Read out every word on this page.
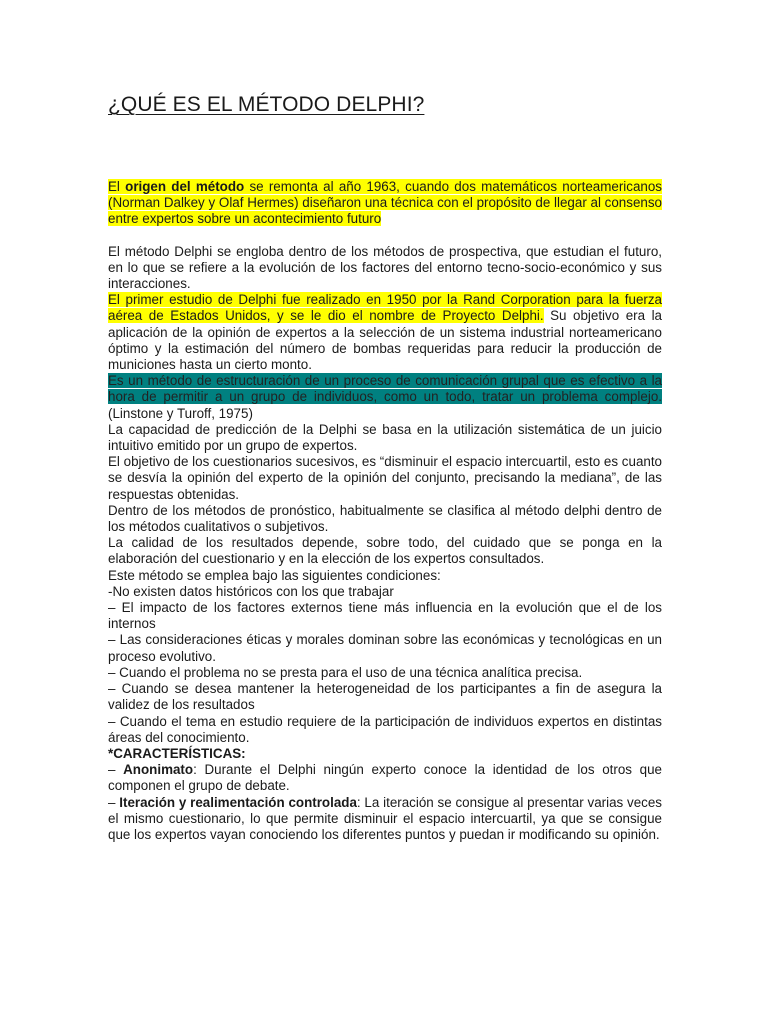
¿QUÉ ES EL MÉTODO DELPHI?

El origen del método se remonta al año 1963, cuando dos matemáticos norteamericanos (Norman Dalkey y Olaf Hermes) diseñaron una técnica con el propósito de llegar al consenso entre expertos sobre un acontecimiento futuro

El método Delphi se engloba dentro de los métodos de prospectiva, que estudian el futuro, en lo que se refiere a la evolución de los factores del entorno tecno-socio-económico y sus interacciones.

El primer estudio de Delphi fue realizado en 1950 por la Rand Corporation para la fuerza aérea de Estados Unidos, y se le dio el nombre de Proyecto Delphi. Su objetivo era la aplicación de la opinión de expertos a la selección de un sistema industrial norteamericano óptimo y la estimación del número de bombas requeridas para reducir la producción de municiones hasta un cierto monto.

Es un método de estructuración de un proceso de comunicación grupal que es efectivo a la hora de permitir a un grupo de individuos, como un todo, tratar un problema complejo. (Linstone y Turoff, 1975)

La capacidad de predicción de la Delphi se basa en la utilización sistemática de un juicio intuitivo emitido por un grupo de expertos.

El objetivo de los cuestionarios sucesivos, es “disminuir el espacio intercuartil, esto es cuanto se desvía la opinión del experto de la opinión del conjunto, precisando la mediana”, de las respuestas obtenidas.

Dentro de los métodos de pronóstico, habitualmente se clasifica al método delphi dentro de los métodos cualitativos o subjetivos.

La calidad de los resultados depende, sobre todo, del cuidado que se ponga en la elaboración del cuestionario y en la elección de los expertos consultados.

Este método se emplea bajo las siguientes condiciones:

-No existen datos históricos con los que trabajar

– El impacto de los factores externos tiene más influencia en la evolución que el de los internos

– Las consideraciones éticas y morales dominan sobre las económicas y tecnológicas en un proceso evolutivo.

– Cuando el problema no se presta para el uso de una técnica analítica precisa.

– Cuando se desea mantener la heterogeneidad de los participantes a fin de asegura la validez de los resultados

– Cuando el tema en estudio requiere de la participación de individuos expertos en distintas áreas del conocimiento.

*CARACTERÍSTICAS:

– Anonimato: Durante el Delphi ningún experto conoce la identidad de los otros que componen el grupo de debate.

– Iteración y realimentación controlada: La iteración se consigue al presentar varias veces el mismo cuestionario, lo que permite disminuir el espacio intercuartil, ya que se consigue que los expertos vayan conociendo los diferentes puntos y puedan ir modificando su opinión.
